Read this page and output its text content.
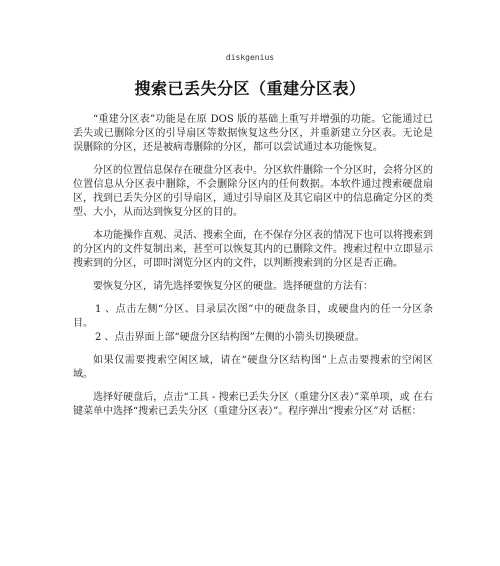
diskgenius
搜索已丢失分区（重建分区表）

“重建分区表”功能是在原 DOS 版的基础上重写并增强的功能。它能通过已 丢失或已删除分区的引导扇区等数据恢复这些分区，并重新建立分区表。无论是 误删除的分区，还是被病毒删除的分区，都可以尝试通过本功能恢复。

分区的位置信息保存在硬盘分区表中。分区软件删除一个分区时，会将分区的位置信息从分区表中删除，不会删除分区内的任何数据。本软件通过搜索硬盘扇区，找到已丢失分区的引导扇区，通过引导扇区及其它扇区中的信息确定分区的类型、大小，从而达到恢复分区的目的。

本功能操作直观、灵活、搜索全面，在不保存分区表的情况下也可以将搜索到的分区内的文件复制出来，甚至可以恢复其内的已删除文件。搜索过程中立即显示搜索到的分区，可即时浏览分区内的文件，以判断搜索到的分区是否正确。

要恢复分区，请先选择要恢复分区的硬盘。选择硬盘的方法有：

1 、点击左侧“分区、目录层次图”中的硬盘条目，或硬盘内的任一分区条目。

2 、点击界面上部“硬盘分区结构图”左侧的小箭头切换硬盘。

如果仅需要搜索空闲区域，请在“硬盘分区结构图”上点击要搜索的空闲区域。

选择好硬盘后，点击“工具 - 搜索已丢失分区（重建分区表）”菜单项，或 在右键菜单中选择“搜索已丢失分区（重建分区表）”。程序弹出“搜索分区”对 话框：
